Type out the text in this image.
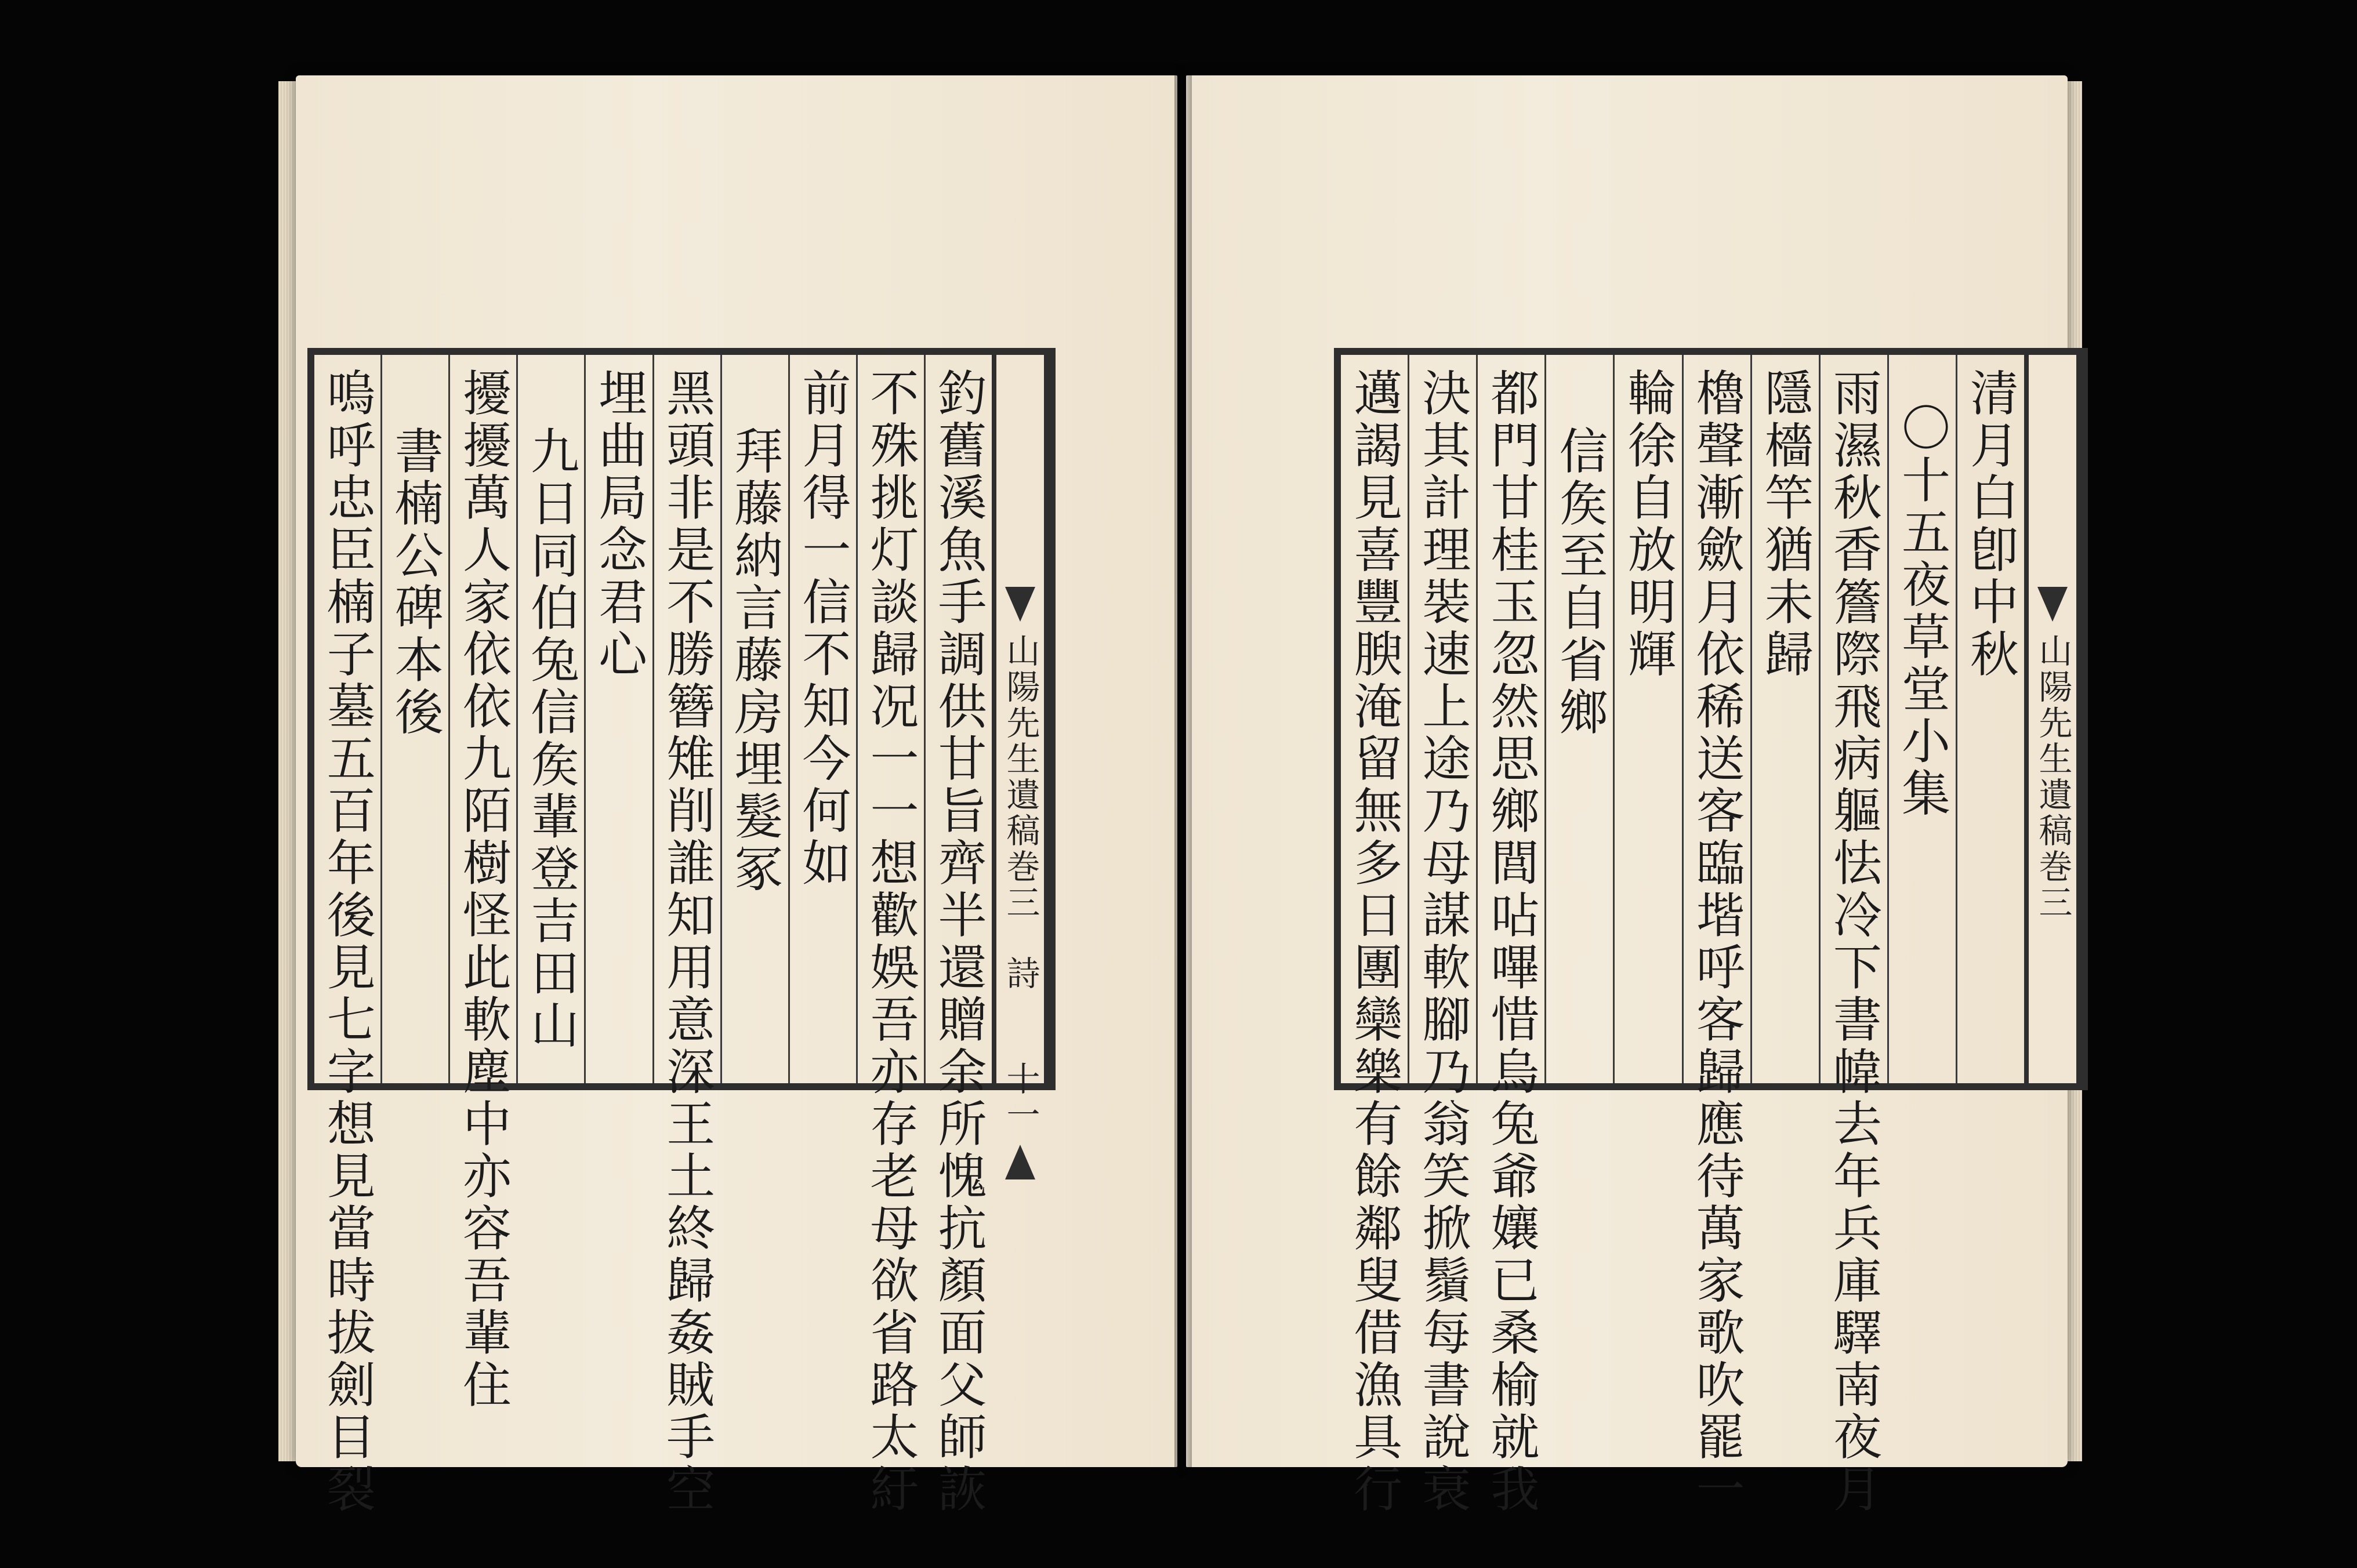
山陽先生遺稿巻三
詩
十一
釣舊溪魚手調供甘旨齊半還贈余所愧抗顏面父師詼
不殊挑灯談歸况一一想歡娛吾亦存老母欲省路太紆
前月得一信不知今何如
拜藤納言藤房埋髮冢
黑頭非是不勝簪雉削誰知用意深王土終歸姦賊手空
埋曲局念君心
九日同伯兔信矦輩登吉田山
擾擾萬人家依依九陌樹怪此軟塵中亦容吾輩住
書楠公碑本後
嗚呼忠臣楠子墓五百年後見七字想見當時拔劍目裂	山陽先生遺稿巻三
清月白卽中秋
〇十五夜草堂小集
雨濕秋香簷際飛病軀怯冷下書幃去年兵庫驛南夜月
隱檣竿猶未歸
櫓聲漸歛月依稀送客臨堦呼客歸應待萬家歌吹罷一
輪徐自放明輝
信矦至自省鄉
都門甘桂玉忽然思鄉閭呫嗶惜烏兔爺孃已桑榆就我
決其計理裝速上途乃母謀軟腳乃翁笑掀鬚每書說衰
邁謁見喜豐腴淹留無多日團欒樂有餘鄰叟借漁具行
